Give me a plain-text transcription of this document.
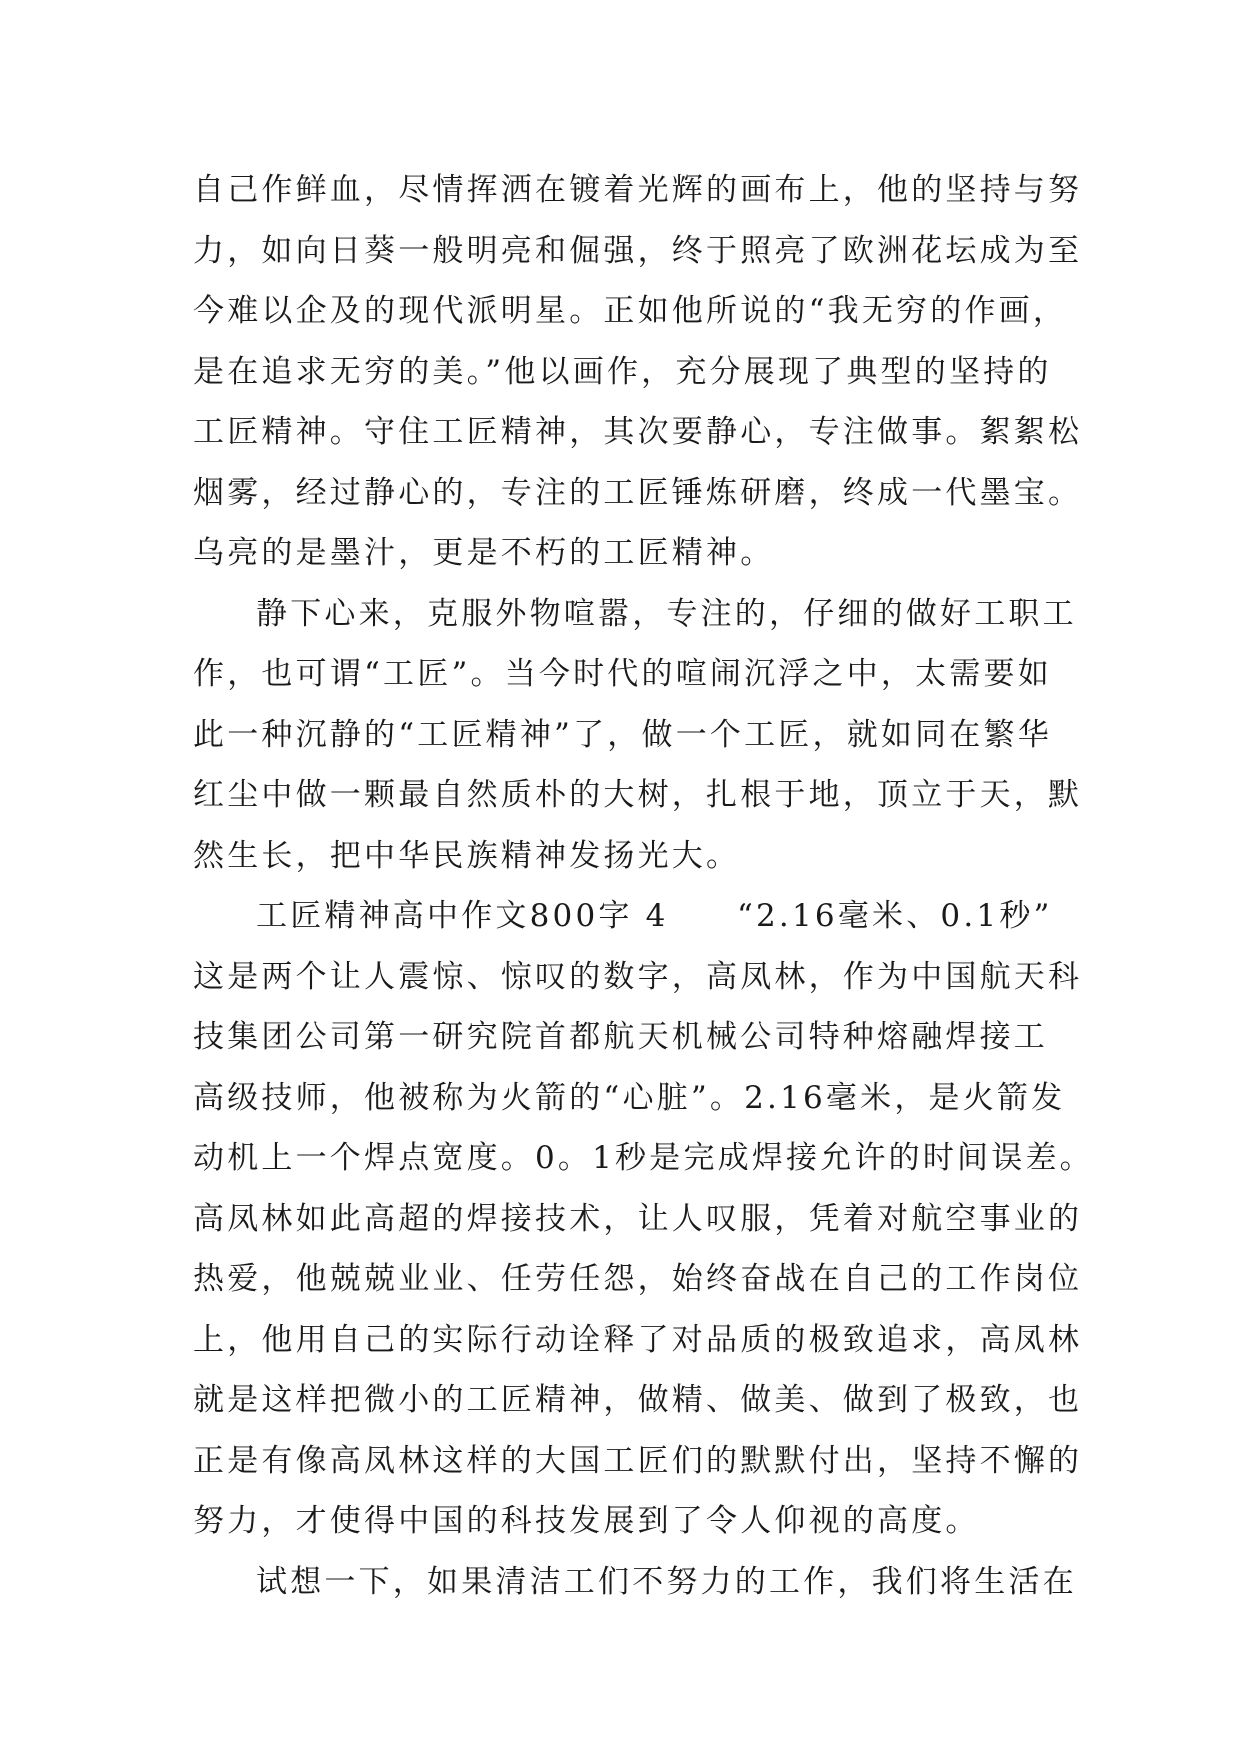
自己作鲜血，尽情挥洒在镀着光辉的画布上，他的坚持与努
力，如向日葵一般明亮和倔强，终于照亮了欧洲花坛成为至
今难以企及的现代派明星。正如他所说的“我无穷的作画，
是在追求无穷的美。”他以画作，充分展现了典型的坚持的
工匠精神。守住工匠精神，其次要静心，专注做事。絮絮松
烟雾，经过静心的，专注的工匠锤炼研磨，终成一代墨宝。
乌亮的是墨汁，更是不朽的工匠精神。
静下心来，克服外物喧嚣，专注的，仔细的做好工职工
作，也可谓“工匠”。当今时代的喧闹沉浮之中，太需要如
此一种沉静的“工匠精神”了，做一个工匠，就如同在繁华
红尘中做一颗最自然质朴的大树，扎根于地，顶立于天，默
然生长，把中华民族精神发扬光大。
工匠精神高中作文800字 4　　“2.16毫米、0.1秒”
这是两个让人震惊、惊叹的数字，高凤林，作为中国航天科
技集团公司第一研究院首都航天机械公司特种熔融焊接工
高级技师，他被称为火箭的“心脏”。2.16毫米，是火箭发
动机上一个焊点宽度。0。1秒是完成焊接允许的时间误差。
高凤林如此高超的焊接技术，让人叹服，凭着对航空事业的
热爱，他兢兢业业、任劳任怨，始终奋战在自己的工作岗位
上，他用自己的实际行动诠释了对品质的极致追求，高凤林
就是这样把微小的工匠精神，做精、做美、做到了极致，也
正是有像高凤林这样的大国工匠们的默默付出，坚持不懈的
努力，才使得中国的科技发展到了令人仰视的高度。
试想一下，如果清洁工们不努力的工作，我们将生活在
